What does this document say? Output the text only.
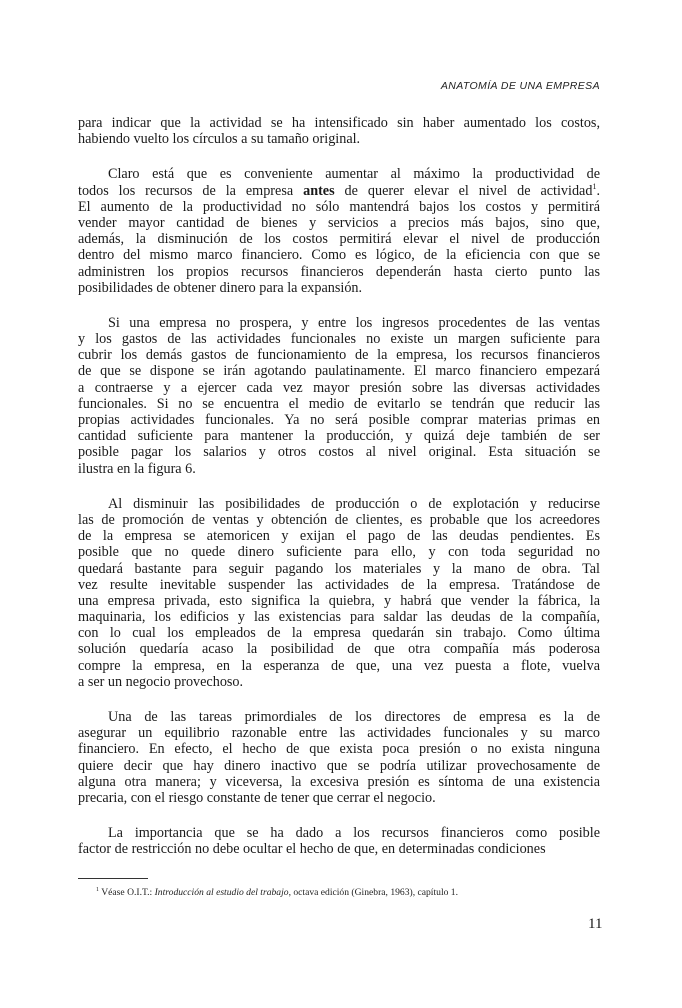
ANATOMÍA DE UNA EMPRESA
para indicar que la actividad se ha intensificado sin haber aumentado los costos,
habiendo vuelto los círculos a su tamaño original.
Claro está que es conveniente aumentar al máximo la productividad de
todos los recursos de la empresa antes de querer elevar el nivel de actividad$^1$.
El aumento de la productividad no sólo mantendrá bajos los costos y permitirá
vender mayor cantidad de bienes y servicios a precios más bajos, sino que,
además, la disminución de los costos permitirá elevar el nivel de producción
dentro del mismo marco financiero. Como es lógico, de la eficiencia con que se
administren los propios recursos financieros dependerán hasta cierto punto las
posibilidades de obtener dinero para la expansión.
Si una empresa no prospera, y entre los ingresos procedentes de las ventas
y los gastos de las actividades funcionales no existe un margen suficiente para
cubrir los demás gastos de funcionamiento de la empresa, los recursos financieros
de que se dispone se irán agotando paulatinamente. El marco financiero empezará
a contraerse y a ejercer cada vez mayor presión sobre las diversas actividades
funcionales. Si no se encuentra el medio de evitarlo se tendrán que reducir las
propias actividades funcionales. Ya no será posible comprar materias primas en
cantidad suficiente para mantener la producción, y quizá deje también de ser
posible pagar los salarios y otros costos al nivel original. Esta situación se
ilustra en la figura 6.
Al disminuir las posibilidades de producción o de explotación y reducirse
las de promoción de ventas y obtención de clientes, es probable que los acreedores
de la empresa se atemoricen y exijan el pago de las deudas pendientes. Es
posible que no quede dinero suficiente para ello, y con toda seguridad no
quedará bastante para seguir pagando los materiales y la mano de obra. Tal
vez resulte inevitable suspender las actividades de la empresa. Tratándose de
una empresa privada, esto significa la quiebra, y habrá que vender la fábrica, la
maquinaria, los edificios y las existencias para saldar las deudas de la compañía,
con lo cual los empleados de la empresa quedarán sin trabajo. Como última
solución quedaría acaso la posibilidad de que otra compañía más poderosa
compre la empresa, en la esperanza de que, una vez puesta a flote, vuelva
a ser un negocio provechoso.
Una de las tareas primordiales de los directores de empresa es la de
asegurar un equilibrio razonable entre las actividades funcionales y su marco
financiero. En efecto, el hecho de que exista poca presión o no exista ninguna
quiere decir que hay dinero inactivo que se podría utilizar provechosamente de
alguna otra manera; y viceversa, la excesiva presión es síntoma de una existencia
precaria, con el riesgo constante de tener que cerrar el negocio.
La importancia que se ha dado a los recursos financieros como posible
factor de restricción no debe ocultar el hecho de que, en determinadas condiciones
$^1$ Véase O.I.T.: Introducción al estudio del trabajo, octava edición (Ginebra, 1963), capítulo 1.
11
